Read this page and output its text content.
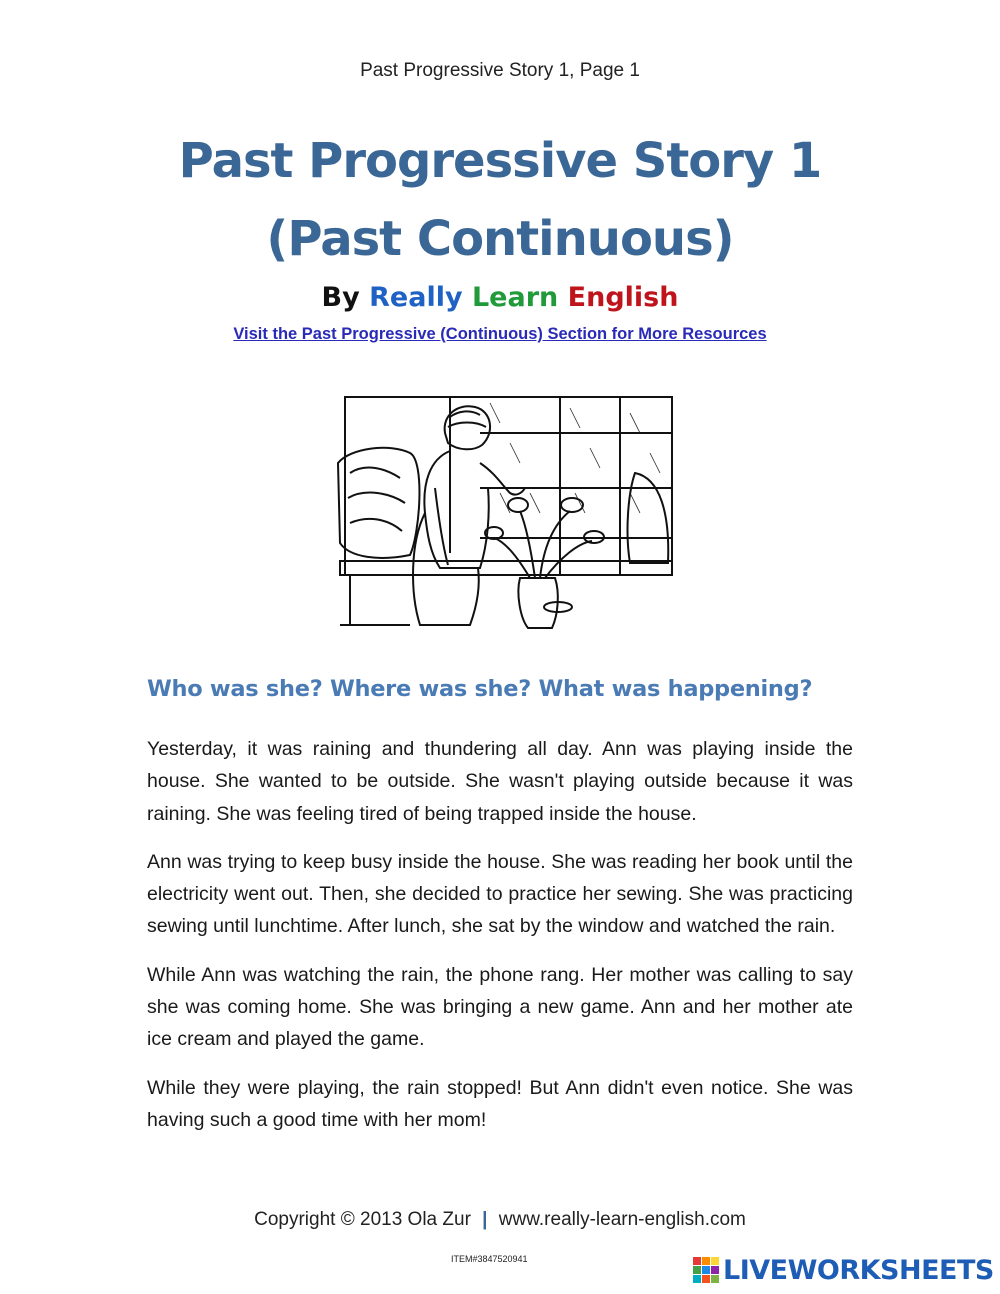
Past Progressive Story 1, Page 1
Past Progressive Story 1
(Past Continuous)
By Really Learn English
Visit the Past Progressive (Continuous) Section for More Resources
Who was she? Where was she? What was happening?

Yesterday, it was raining and thundering all day. Ann was playing inside the house. She wanted to be outside. She wasn't playing outside because it was raining. She was feeling tired of being trapped inside the house.

Ann was trying to keep busy inside the house. She was reading her book until the electricity went out. Then, she decided to practice her sewing. She was practicing sewing until lunchtime. After lunch, she sat by the window and watched the rain.

While Ann was watching the rain, the phone rang. Her mother was calling to say she was coming home. She was bringing a new game. Ann and her mother ate ice cream and played the game.

While they were playing, the rain stopped! But Ann didn't even notice. She was having such a good time with her mom!

Copyright © 2013 Ola Zur | www.really-learn-english.com
ITEM#3847520941	LIVEWORKSHEETS
